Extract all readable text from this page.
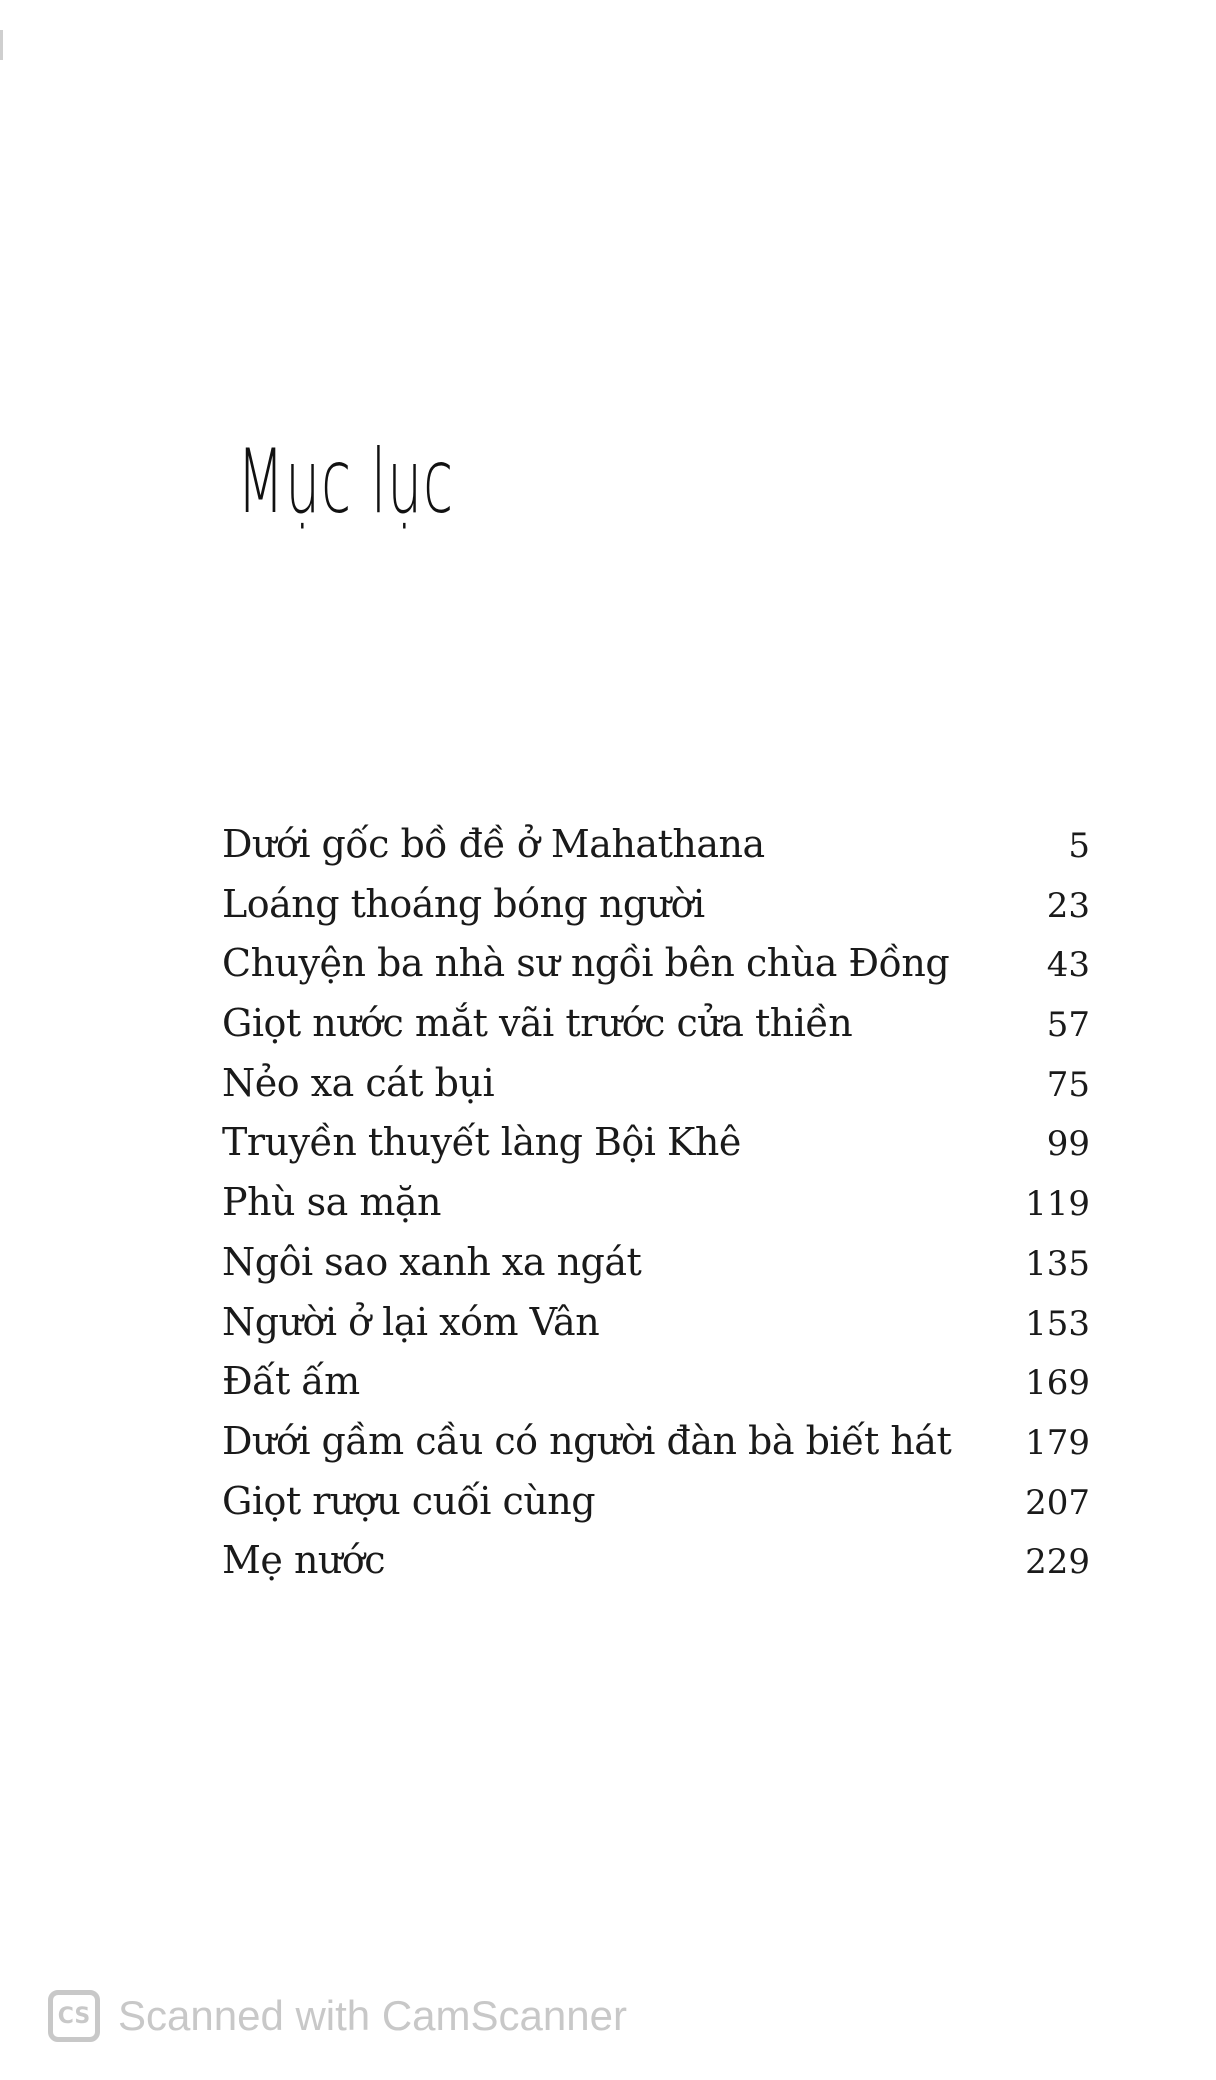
Mục lục
Dưới gốc bồ đề ở Mahathana	5
Loáng thoáng bóng người	23
Chuyện ba nhà sư ngồi bên chùa Đồng	43
Giọt nước mắt vãi trước cửa thiền	57
Nẻo xa cát bụi	75
Truyền thuyết làng Bội Khê	99
Phù sa mặn	119
Ngôi sao xanh xa ngát	135
Người ở lại xóm Vân	153
Đất ấm	169
Dưới gầm cầu có người đàn bà biết hát 179
Giọt rượu cuối cùng	207
Mẹ nước	229
CS Scanned with CamScanner
